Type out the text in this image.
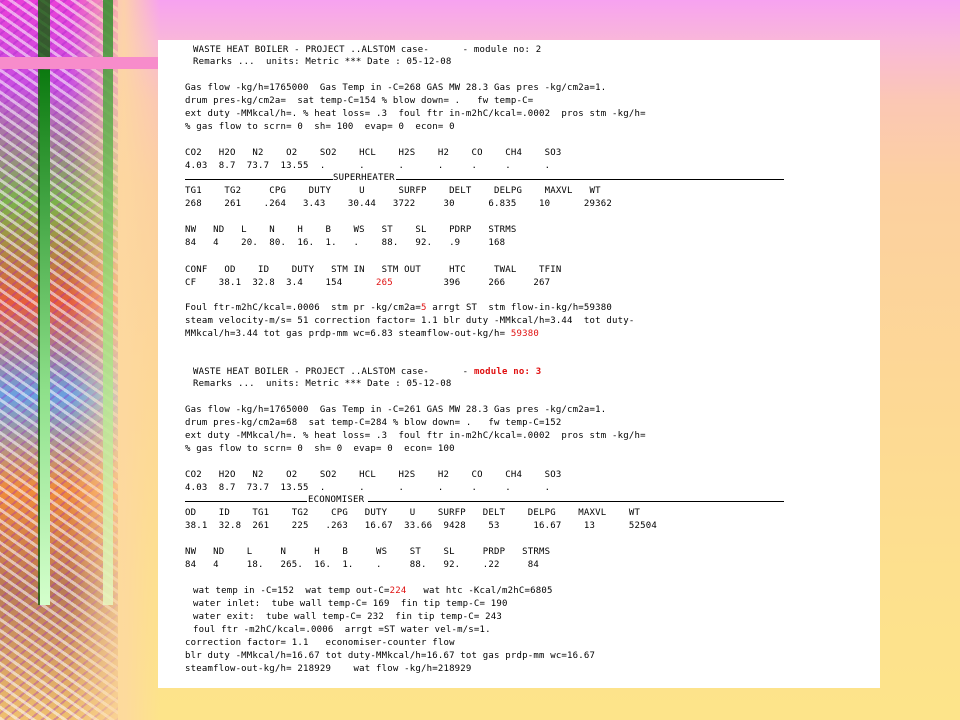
WASTE HEAT BOILER - PROJECT ..ALSTOM case-      - module no: 2
Remarks ...  units: Metric *** Date : 05-12-08
Gas flow -kg/h=1765000  Gas Temp in -C=268 GAS MW 28.3 Gas pres -kg/cm2a=1.
drum pres-kg/cm2a=  sat temp-C=154 % blow down= .   fw temp-C=
ext duty -MMkcal/h=. % heat loss= .3  foul ftr in-m2hC/kcal=.0002  pros stm -kg/h=
% gas flow to scrn= 0  sh= 100  evap= 0  econ= 0
CO2   H2O   N2    O2    SO2    HCL    H2S    H2    CO    CH4    SO3
4.03  8.7  73.7  13.55  .      .      .      .     .     .      .
SUPERHEATER
TG1    TG2     CPG    DUTY     U      SURFP    DELT    DELPG    MAXVL   WT
268    261    .264   3.43    30.44   3722     30      6.835    10      29362
NW   ND   L    N    H    B    WS   ST    SL    PDRP   STRMS
84   4    20.  80.  16.  1.   .    88.   92.   .9     168
CONF   OD    ID    DUTY   STM IN   STM OUT     HTC     TWAL    TFIN
CF    38.1  32.8  3.4    154      265         396     266     267
Foul ftr-m2hC/kcal=.0006  stm pr -kg/cm2a=5 arrgt ST  stm flow-in-kg/h=59380
steam velocity-m/s= 51 correction factor= 1.1 blr duty -MMkcal/h=3.44  tot duty-
MMkcal/h=3.44 tot gas prdp-mm wc=6.83 steamflow-out-kg/h= 59380
WASTE HEAT BOILER - PROJECT ..ALSTOM case-      - module no: 3
Remarks ...  units: Metric *** Date : 05-12-08
Gas flow -kg/h=1765000  Gas Temp in -C=261 GAS MW 28.3 Gas pres -kg/cm2a=1.
drum pres-kg/cm2a=68  sat temp-C=284 % blow down= .   fw temp-C=152
ext duty -MMkcal/h=. % heat loss= .3  foul ftr in-m2hC/kcal=.0002  pros stm -kg/h=
% gas flow to scrn= 0  sh= 0  evap= 0  econ= 100
CO2   H2O   N2    O2    SO2    HCL    H2S    H2    CO    CH4    SO3
4.03  8.7  73.7  13.55  .      .      .      .     .     .      .
ECONOMISER
OD    ID    TG1    TG2    CPG   DUTY    U    SURFP   DELT    DELPG    MAXVL    WT
38.1  32.8  261    225   .263   16.67  33.66  9428    53      16.67    13      52504
NW   ND    L     N     H    B     WS    ST    SL     PRDP   STRMS
84   4     18.   265.  16.  1.    .     88.   92.    .22     84
wat temp in -C=152  wat temp out-C=224   wat htc -Kcal/m2hC=6805
water inlet:  tube wall temp-C= 169  fin tip temp-C= 190
water exit:  tube wall temp-C= 232  fin tip temp-C= 243
foul ftr -m2hC/kcal=.0006  arrgt =ST water vel-m/s=1.
correction factor= 1.1   economiser-counter flow
blr duty -MMkcal/h=16.67 tot duty-MMkcal/h=16.67 tot gas prdp-mm wc=16.67
steamflow-out-kg/h= 218929    wat flow -kg/h=218929
